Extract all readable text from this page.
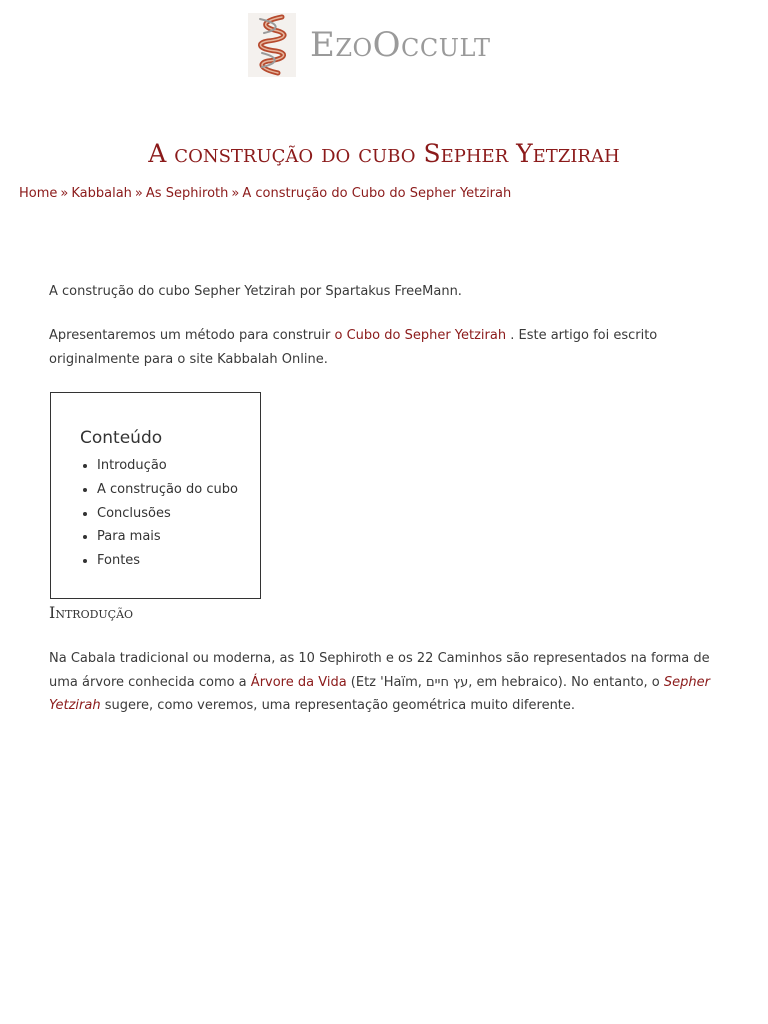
EzoOccult
A construção do cubo Sepher Yetzirah
Home » Kabbalah » As Sephiroth » A construção do Cubo do Sepher Yetzirah

A construção do cubo Sepher Yetzirah por Spartakus FreeMann.

Apresentaremos um método para construir o Cubo do Sepher Yetzirah . Este artigo foi escrito originalmente para o site Kabbalah Online.

Conteúdo
• Introdução
• A construção do cubo
• Conclusões
• Para mais
• Fontes
Introdução

Na Cabala tradicional ou moderna, as 10 Sephiroth e os 22 Caminhos são representados na forma de uma árvore conhecida como a Árvore da Vida (Etz 'Haïm, עץ חיים, em hebraico). No entanto, o Sepher Yetzirah sugere, como veremos, uma representação geométrica muito diferente.
